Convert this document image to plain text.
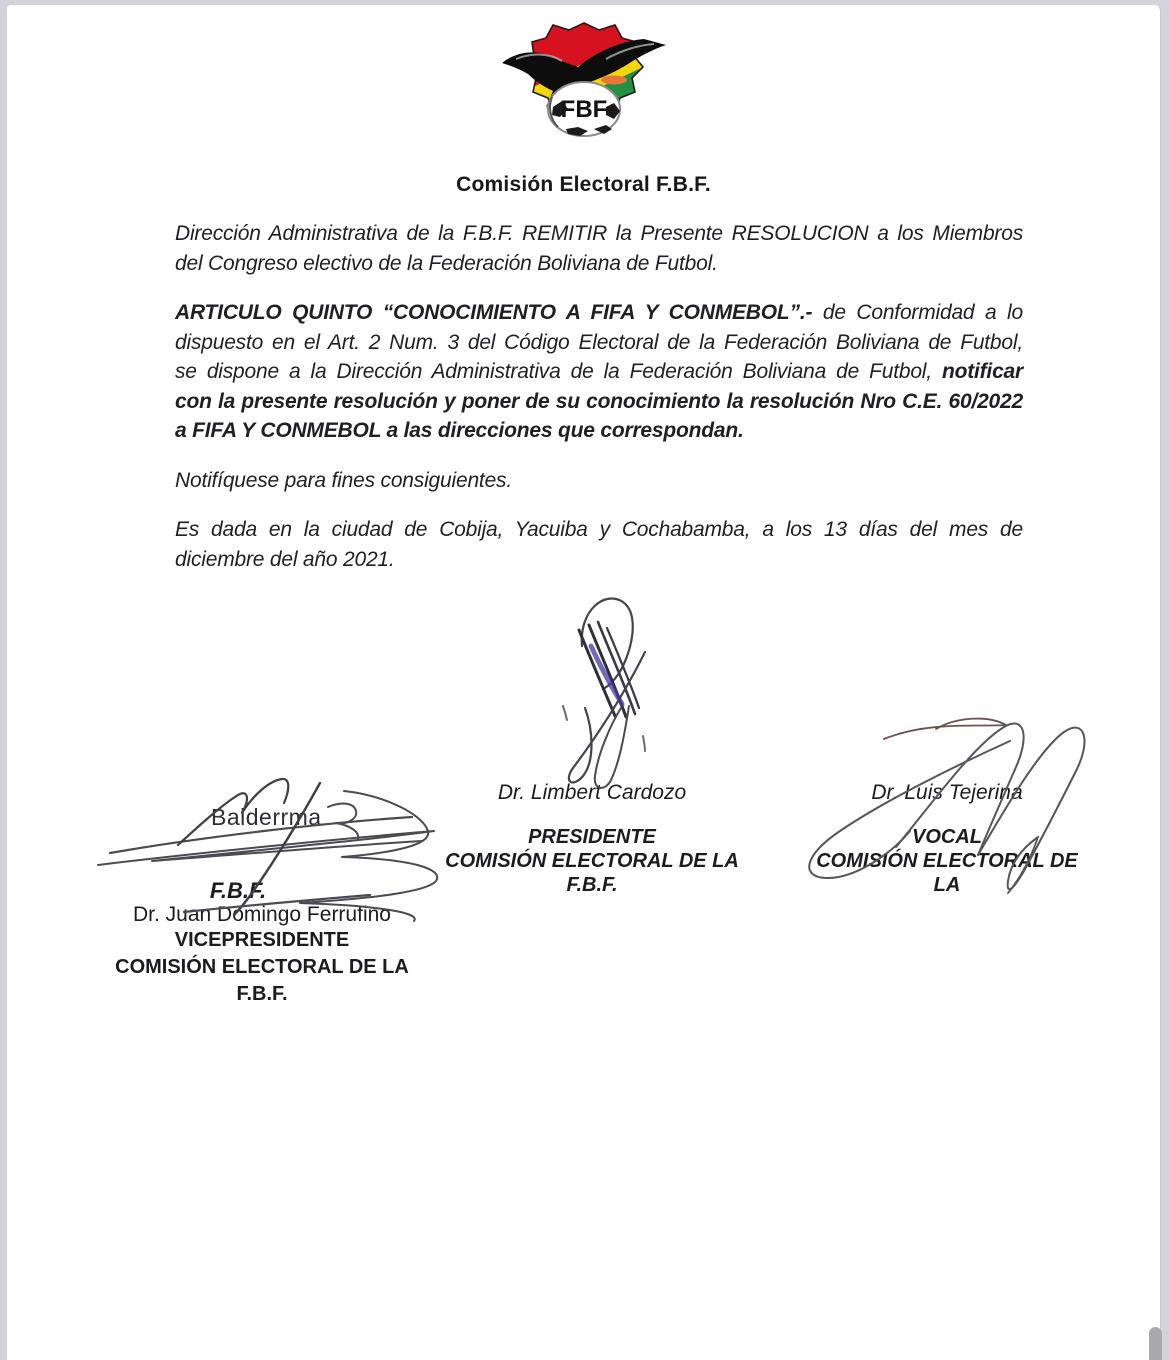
FBF
Comisión Electoral F.B.F.
Dirección Administrativa de la F.B.F. REMITIR la Presente RESOLUCION a los Miembros
del Congreso electivo de la Federación Boliviana de Futbol.
ARTICULO QUINTO “CONOCIMIENTO A FIFA Y CONMEBOL”.- de Conformidad a lo
dispuesto en el Art. 2 Num. 3 del Código Electoral de la Federación Boliviana de Futbol,
se dispone a la Dirección Administrativa de la Federación Boliviana de Futbol, notificar
con la presente resolución y poner de su conocimiento la resolución Nro C.E. 60/2022
a FIFA Y CONMEBOL a las direcciones que correspondan.
Notifíquese para fines consiguientes.
Es dada en la ciudad de Cobija, Yacuiba y Cochabamba, a los 13 días del mes de
diciembre del año 2021.
Dr. Limbert Cardozo
PRESIDENTE
COMISIÓN ELECTORAL DE LA F.B.F.
Dr. Luis Tejerina
VOCAL
COMISIÓN ELECTORAL DE LA
Balderrma
F.B.F.
Dr. Juan Domingo Ferrufino
VICEPRESIDENTE
COMISIÓN ELECTORAL DE LA F.B.F.
